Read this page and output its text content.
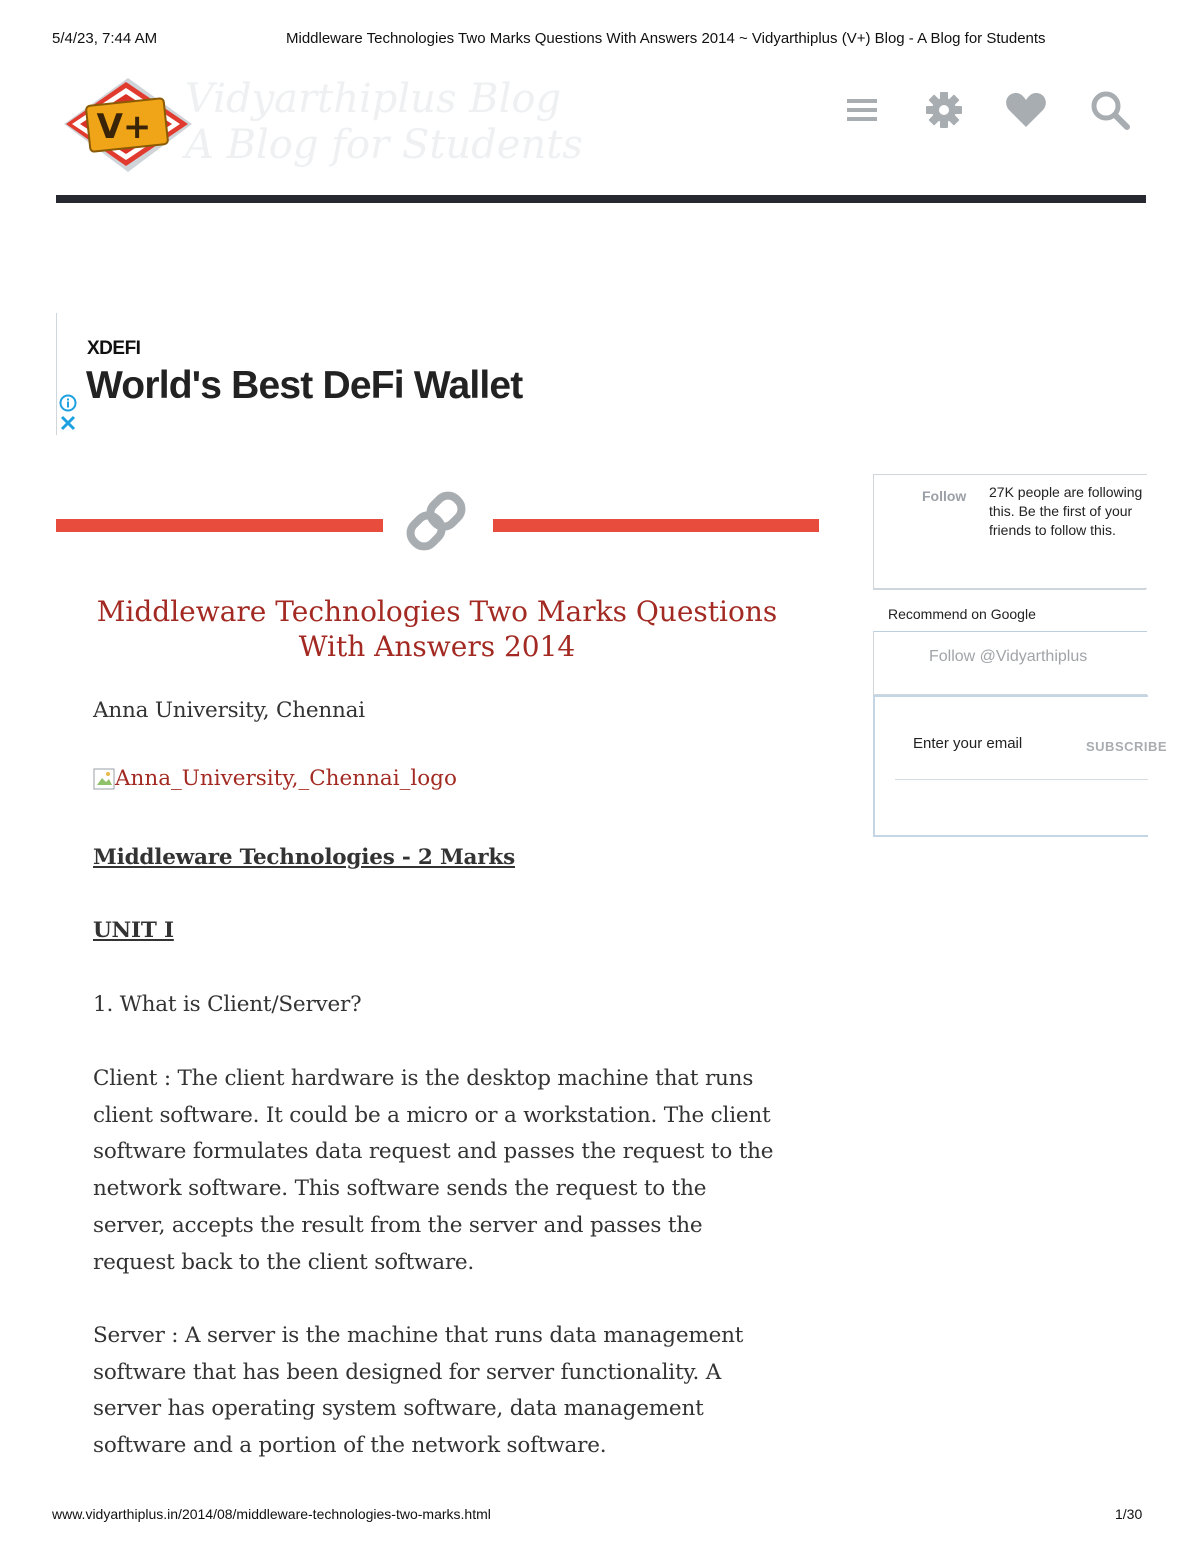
5/4/23, 7:44 AM	Middleware Technologies Two Marks Questions With Answers 2014 ~ Vidyarthiplus (V+) Blog - A Blog for Students
V+
Vidyarthiplus Blog
A Blog for Students
XDEFI
World's Best DeFi Wallet
Middleware Technologies Two Marks Questions With Answers 2014
Anna University, Chennai
Anna_University,_Chennai_logo
Middleware Technologies - 2 Marks
UNIT I
1. What is Client/Server?
Client : The client hardware is the desktop machine that runs client software. It could be a micro or a workstation. The client software formulates data request and passes the request to the network software. This software sends the request to the server, accepts the result from the server and passes the request back to the client software.
Server : A server is the machine that runs data management software that has been designed for server functionality. A server has operating system software, data management software and a portion of the network software.
Follow 27K people are following this. Be the first of your friends to follow this.
Recommend on Google
Follow @Vidyarthiplus
Enter your email	SUBSCRIBE
www.vidyarthiplus.in/2014/08/middleware-technologies-two-marks.html	1/30
